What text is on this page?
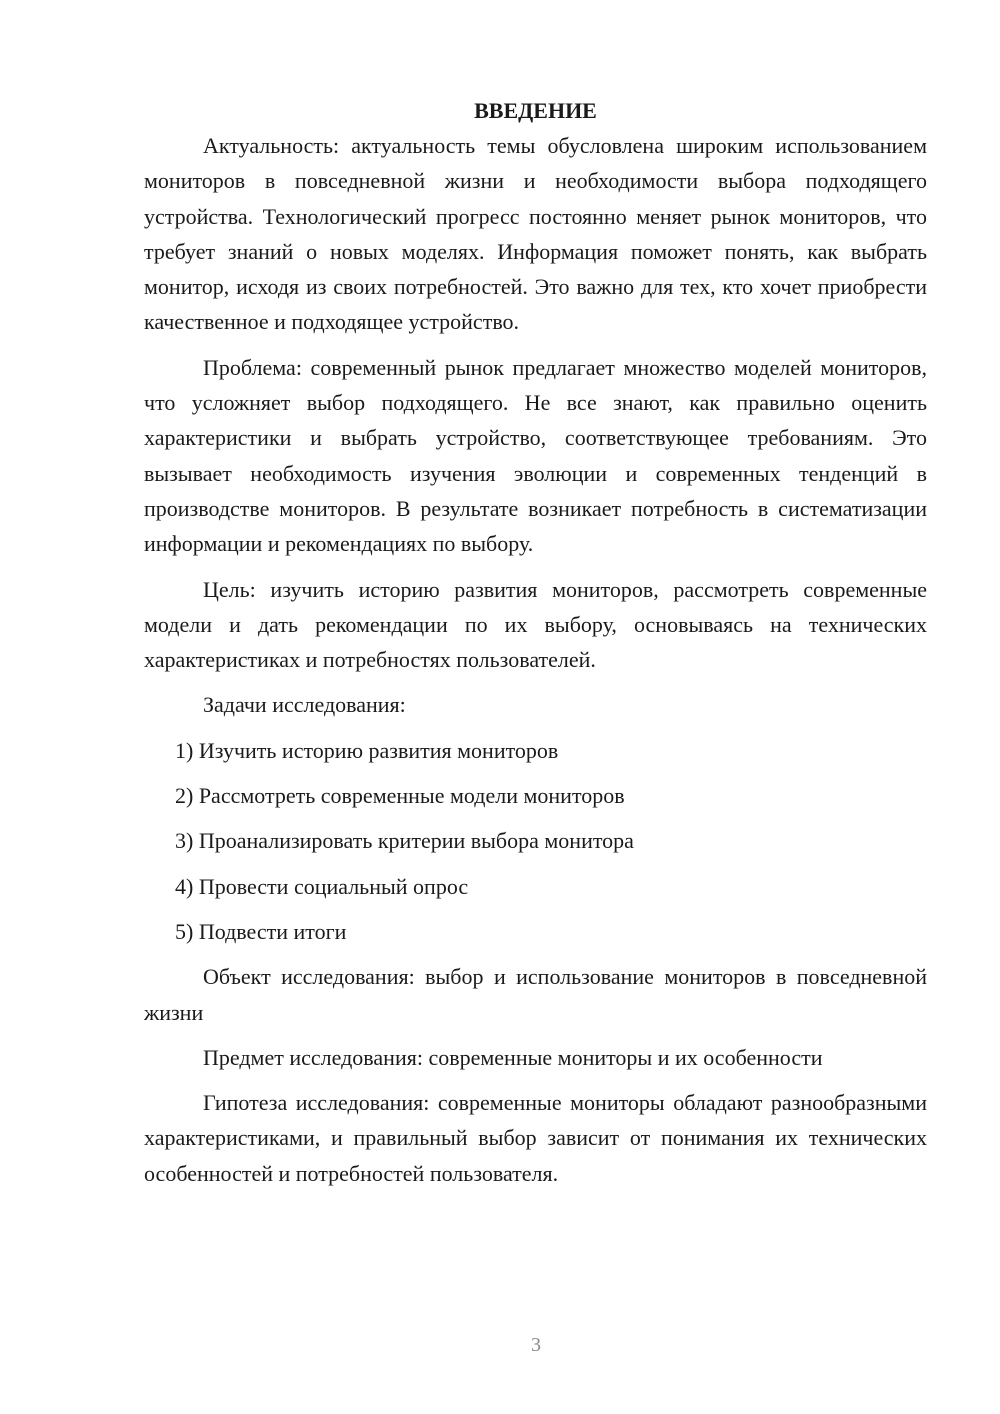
ВВЕДЕНИЕ

Актуальность: актуальность темы обусловлена широким использованием мониторов в повседневной жизни и необходимости выбора подходящего устройства. Технологический прогресс постоянно меняет рынок мониторов, что требует знаний о новых моделях. Информация поможет понять, как выбрать монитор, исходя из своих потребностей. Это важно для тех, кто хочет приобрести качественное и подходящее устройство.

Проблема: современный рынок предлагает множество моделей мониторов, что усложняет выбор подходящего. Не все знают, как правильно оценить характеристики и выбрать устройство, соответствующее требованиям. Это вызывает необходимость изучения эволюции и современных тенденций в производстве мониторов. В результате возникает потребность в систематизации информации и рекомендациях по выбору.

Цель: изучить историю развития мониторов, рассмотреть современные модели и дать рекомендации по их выбору, основываясь на технических характеристиках и потребностях пользователей.

Задачи исследования:

1) Изучить историю развития мониторов
2) Рассмотреть современные модели мониторов
3) Проанализировать критерии выбора монитора
4) Провести социальный опрос
5) Подвести итоги

Объект исследования: выбор и использование мониторов в повседневной жизни

Предмет исследования: современные мониторы и их особенности

Гипотеза исследования: современные мониторы обладают разнообразными характеристиками, и правильный выбор зависит от понимания их технических особенностей и потребностей пользователя.

3
